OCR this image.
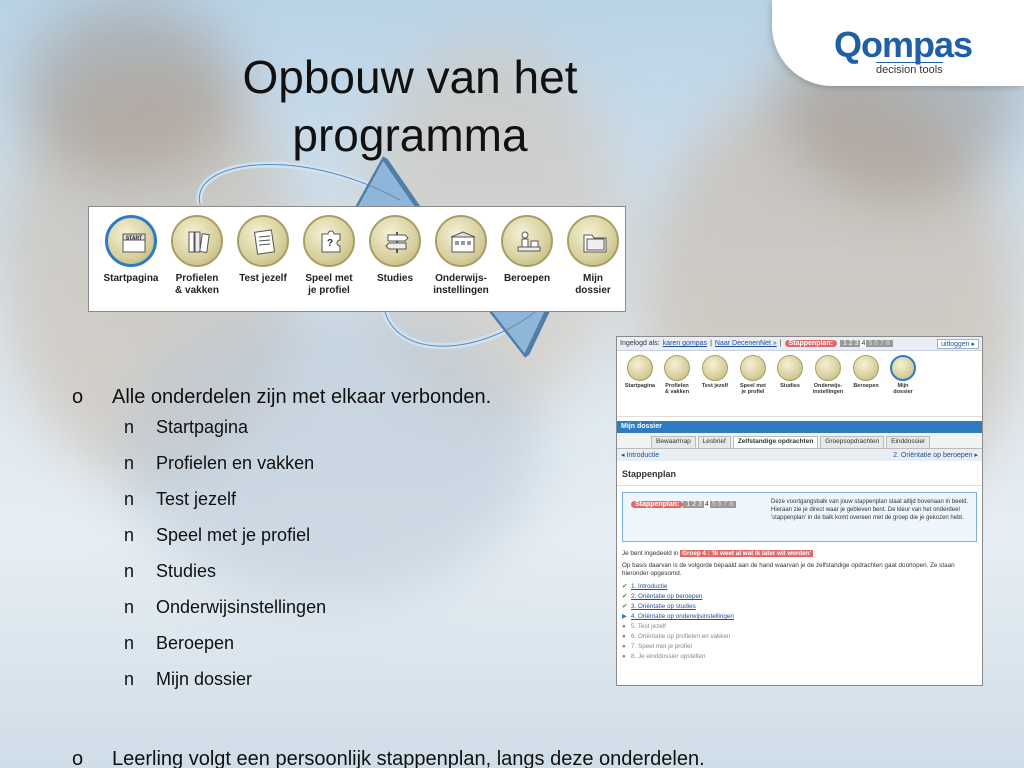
Qompas
decision tools
Opbouw van het programma
START
Startpagina	Profielen
& vakken
Test jezelf
?
Speel met
je profiel
Studies	Onderwijs-
instellingen
Beroepen	Mijn
dossier
o Alle onderdelen zijn met elkaar verbonden.
n Startpagina
n Profielen en vakken
n Test jezelf
n Speel met je profiel
n Studies
n Onderwijsinstellingen
n Beroepen
n Mijn dossier
o Leerling volgt een persoonlijk stappenplan, langs deze onderdelen.
Ingelogd als: karen gompas | Naar DecenenNet » |	Stappenplan:	1 2 3 4 5 6 7 8	uitloggen ▸
Startpagina	Profielen
& vakken
Test jezelf	Speel met
je profiel
Studies	Onderwijs-
instellingen
Beroepen	Mijn
dossier
Mijn dossier
Bewaarmap	Lesbrief	Zelfstandige opdrachten	Groepsopdrachten	Einddossier
◂ Introductie	2. Oriëntatie op beroepen ▸
Stappenplan
Stappenplan:	1 2 3 4 5 6 7 8	Deze voortgangsbalk van jouw stappenplan staat altijd bovenaan in beeld. Hieraan zie je direct waar je gebleven bent. De kleur van het onderdeel 'stappenplan' in de balk komt overeen met de groep die je gekozen hebt.
Je bent ingedeeld in Groep 4 : 'Ik weet al wat ik later wil worden' .
Op basis daarvan is de volgorde bepaald aan de hand waarvan je de zelfstandige opdrachten gaat doorlopen. Ze staan hieronder opgesomd.
✔ 1. Introductie
✔ 2. Oriëntatie op beroepen
✔ 3. Oriëntatie op studies
▶ 4. Oriëntatie op onderwijsinstellingen
● 5. Test jezelf
● 6. Oriëntatie op profielen en vakken
● 7. Speel met je profiel
● 8. Je einddossier opstellen
